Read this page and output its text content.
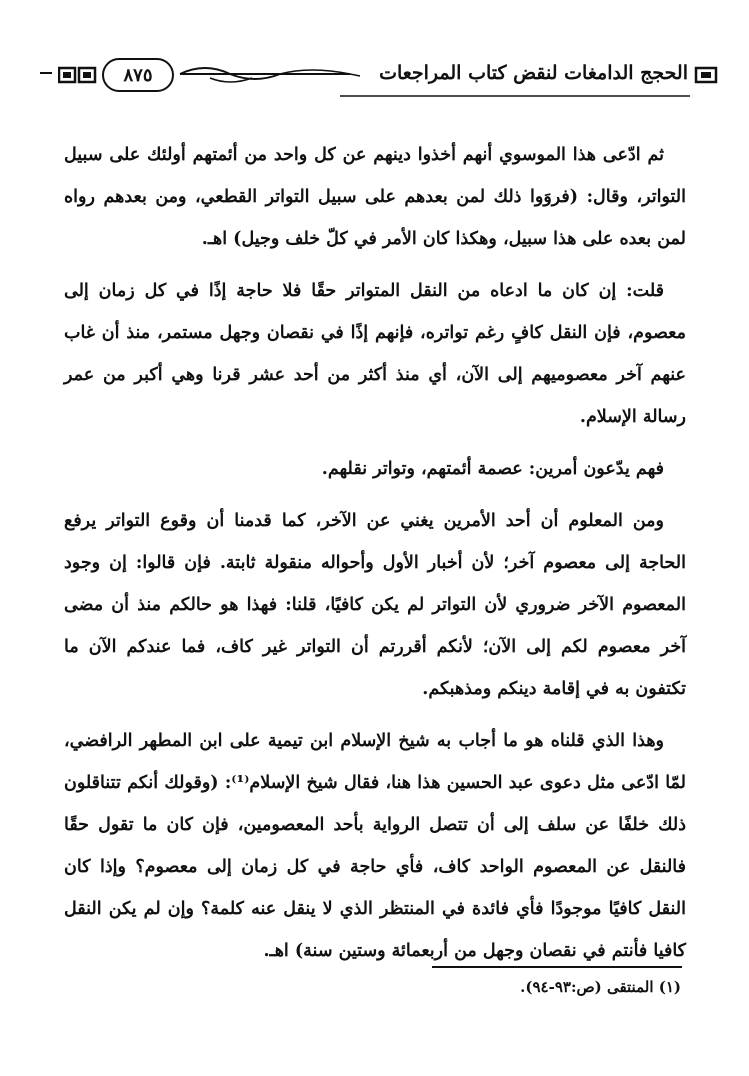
٨٧٥	الحجج الدامغات لنقض كتاب المراجعات

ثم ادّعى هذا الموسوي أنهم أخذوا دينهم عن كل واحد من أئمتهم أولئك على سبيل التواتر، وقال: (فروَوا ذلك لمن بعدهم على سبيل التواتر القطعي، ومن بعدهم رواه لمن بعده على هذا سبيل، وهكذا كان الأمر في كلّ خلف وجيل) اهـ.

قلت: إن كان ما ادعاه من النقل المتواتر حقًا فلا حاجة إذًا في كل زمان إلى معصوم، فإن النقل كافٍ رغم تواتره، فإنهم إذًا في نقصان وجهل مستمر، منذ أن غاب عنهم آخر معصوميهم إلى الآن، أي منذ أكثر من أحد عشر قرنا وهي أكبر من عمر رسالة الإسلام.

فهم يدّعون أمرين: عصمة أئمتهم، وتواتر نقلهم.

ومن المعلوم أن أحد الأمرين يغني عن الآخر، كما قدمنا أن وقوع التواتر يرفع الحاجة إلى معصوم آخر؛ لأن أخبار الأول وأحواله منقولة ثابتة. فإن قالوا: إن وجود المعصوم الآخر ضروري لأن التواتر لم يكن كافيًا، قلنا: فهذا هو حالكم منذ أن مضى آخر معصوم لكم إلى الآن؛ لأنكم أقررتم أن التواتر غير كاف، فما عندكم الآن ما تكتفون به في إقامة دينكم ومذهبكم.

وهذا الذي قلناه هو ما أجاب به شيخ الإسلام ابن تيمية على ابن المطهر الرافضي، لمّا ادّعى مثل دعوى عبد الحسين هذا هنا، فقال شيخ الإسلام⁽¹⁾: (وقولك أنكم تتناقلون ذلك خلفًا عن سلف إلى أن تتصل الرواية بأحد المعصومين، فإن كان ما تقول حقًا فالنقل عن المعصوم الواحد كاف، فأي حاجة في كل زمان إلى معصوم؟ وإذا كان النقل كافيًا موجودًا فأي فائدة في المنتظر الذي لا ينقل عنه كلمة؟ وإن لم يكن النقل كافيا فأنتم في نقصان وجهل من أربعمائة وستين سنة) اهـ.

(١) المنتقى (ص:٩٣-٩٤).
